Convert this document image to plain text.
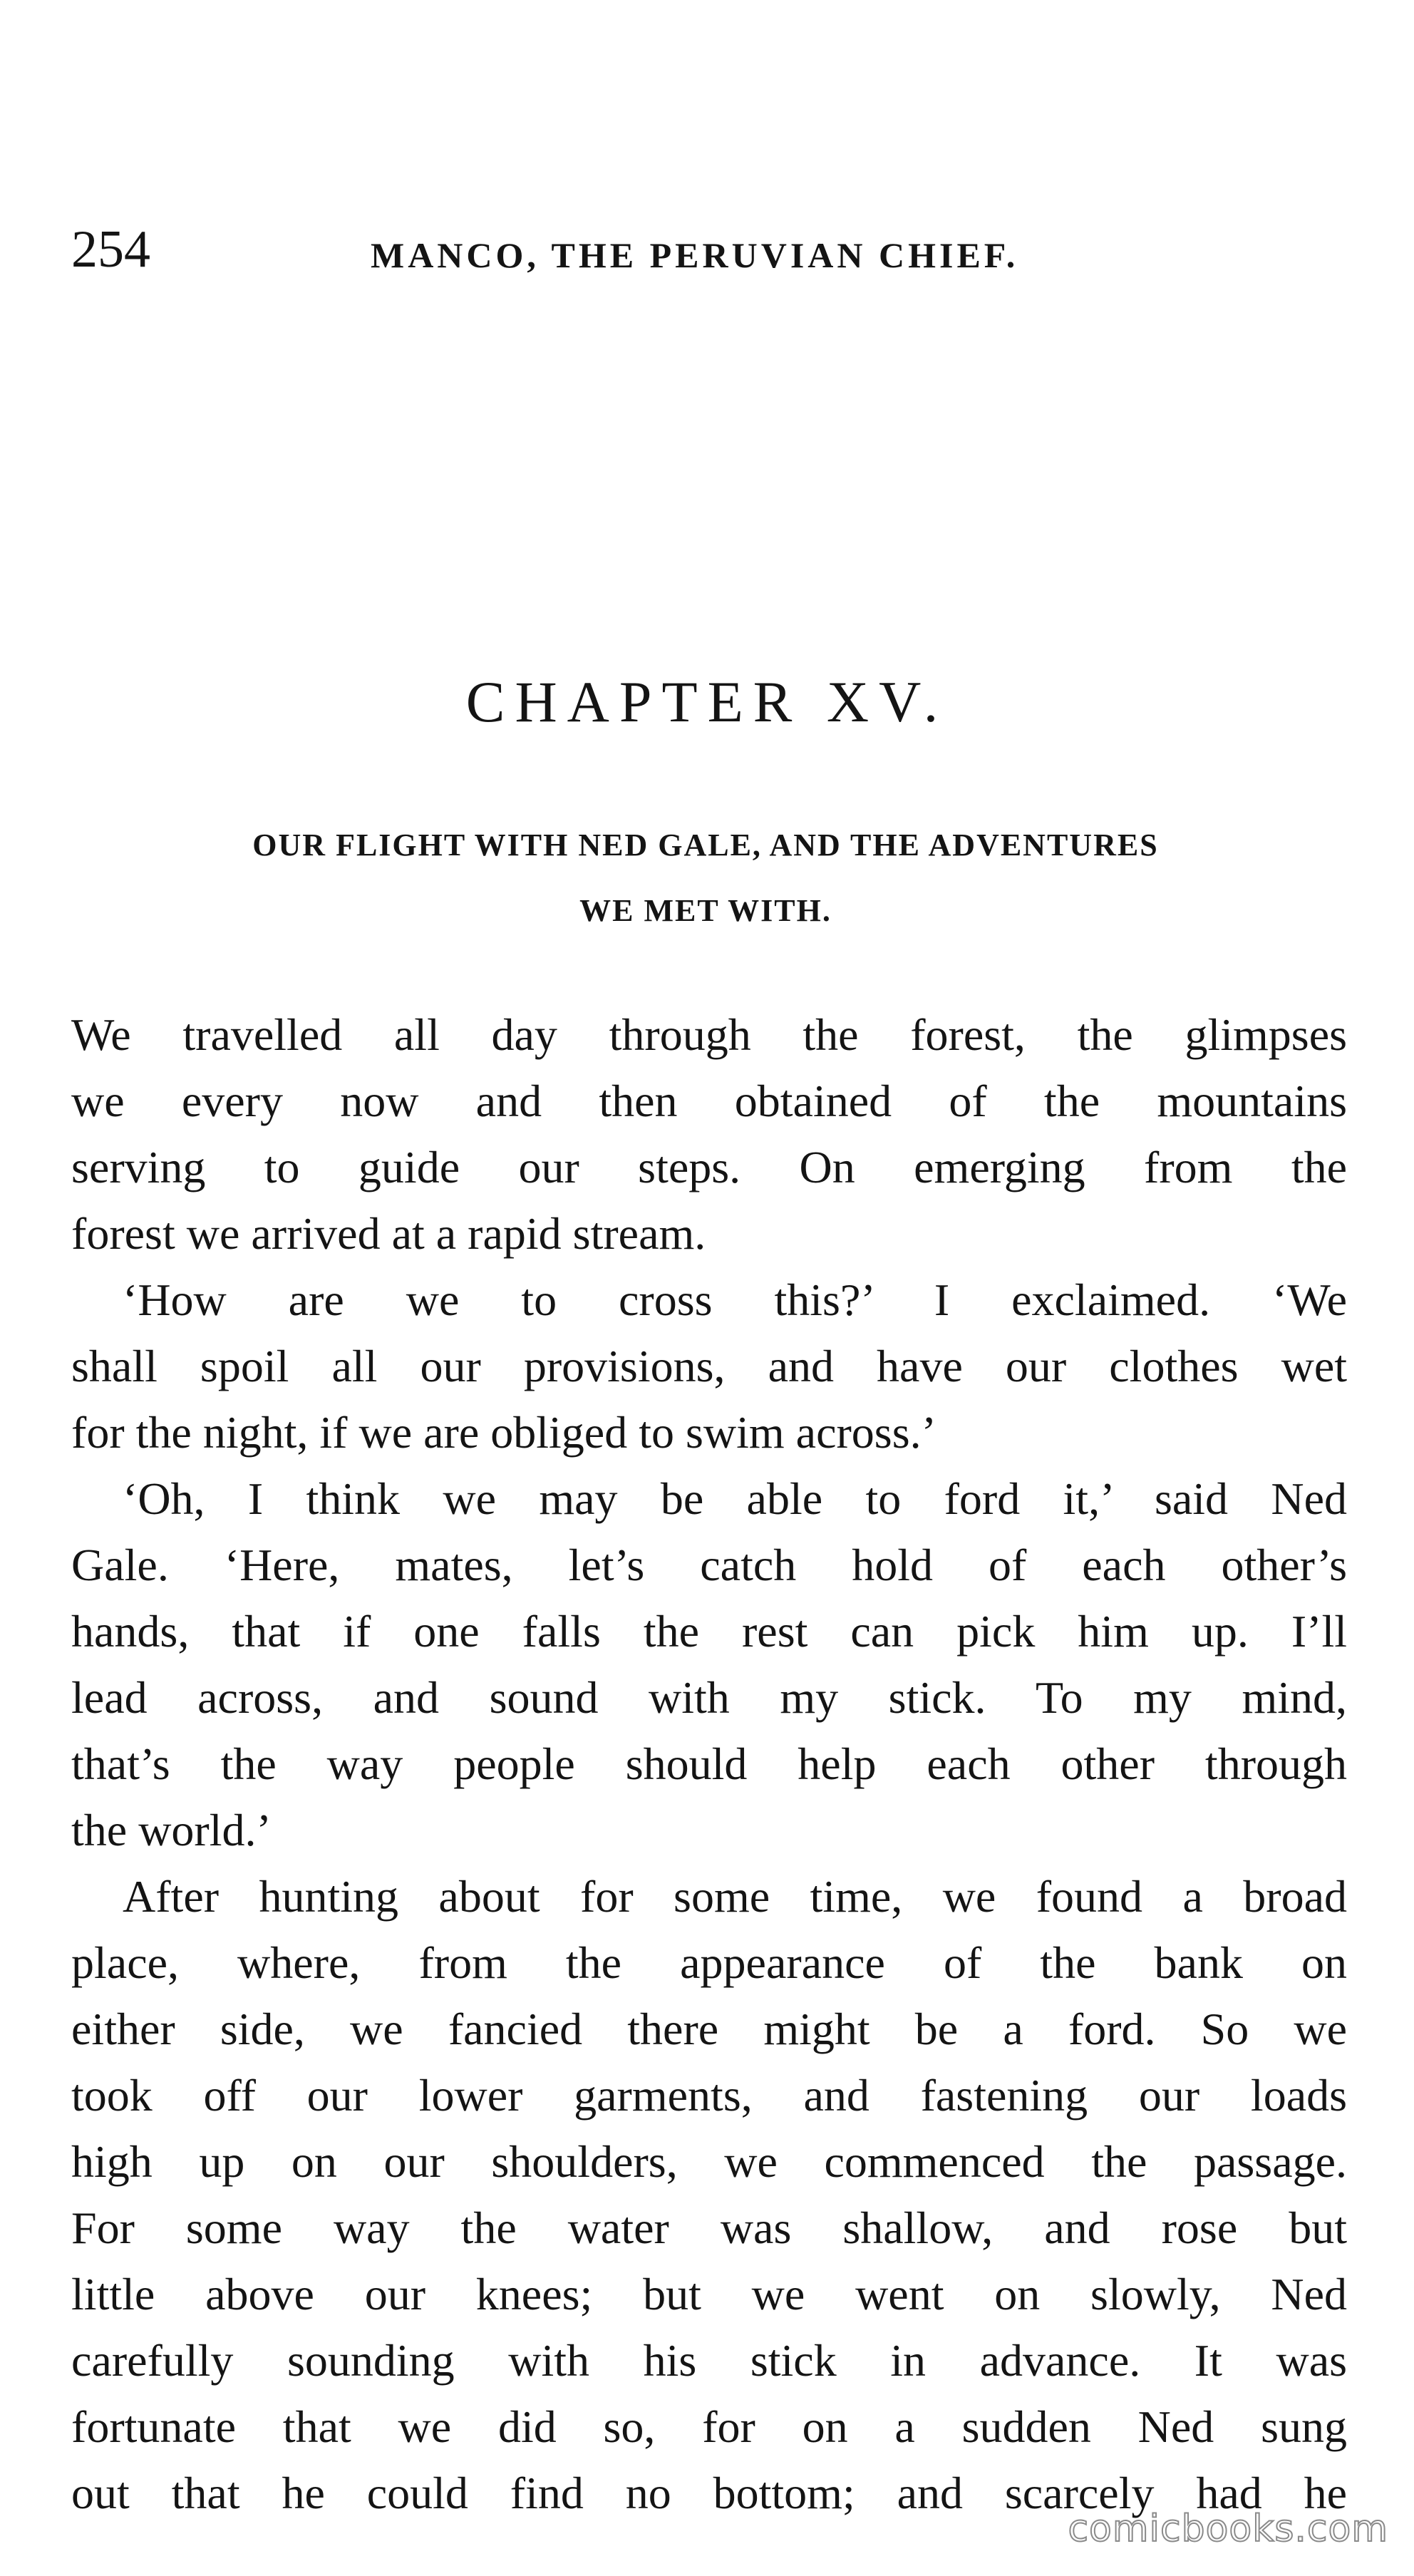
254	MANCO, THE PERUVIAN CHIEF.
CHAPTER XV.
OUR FLIGHT WITH NED GALE, AND THE ADVENTURES
WE MET WITH.
We travelled all day through the forest, the glimpses
we every now and then obtained of the mountains
serving to guide our steps. On emerging from the
forest we arrived at a rapid stream.
‘How are we to cross this?’ I exclaimed. ‘We
shall spoil all our provisions, and have our clothes wet
for the night, if we are obliged to swim across.’
‘Oh, I think we may be able to ford it,’ said Ned
Gale. ‘Here, mates, let’s catch hold of each other’s
hands, that if one falls the rest can pick him up. I’ll
lead across, and sound with my stick. To my mind,
that’s the way people should help each other through
the world.’
After hunting about for some time, we found a broad
place, where, from the appearance of the bank on
either side, we fancied there might be a ford. So we
took off our lower garments, and fastening our loads
high up on our shoulders, we commenced the passage.
For some way the water was shallow, and rose but
little above our knees; but we went on slowly, Ned
carefully sounding with his stick in advance. It was
fortunate that we did so, for on a sudden Ned sung
out that he could find no bottom; and scarcely had he
comicbooks.com
